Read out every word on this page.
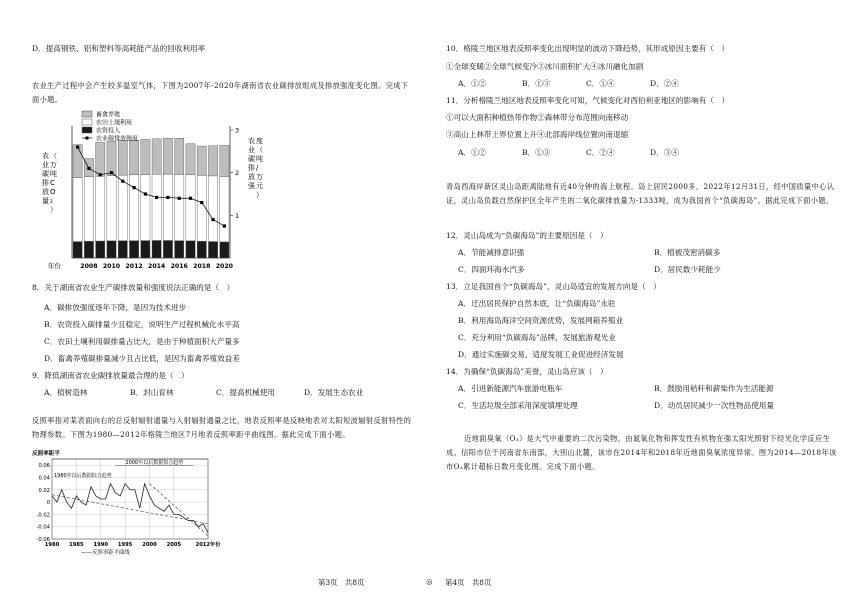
D．提高钢铁、铝和塑料等高耗能产品的回收利用率
农业生产过程中会产生较多温室气体，下图为2007年-2020年湖南省农业碳排放组成及排放强度变化图。完成下面小题。
畜禽养殖
农田土壤利用
农资投入
农业碳排放强度
1
2
3
年份	2008 2010 2012 2014 2016 2018 2020
农
业
碳
排
放
量
（
万
吨
C
O
₂
）
农
业
碳
排
放
强
度
（
吨
/
万
元
）
8．关于湖南省农业生产碳排放量和强度说法正确的是（　）
A．碳排放强度逐年下降，是因为技术进步
B．农资投入碳排量少且稳定，说明生产过程机械化水平高
C．农田土壤利用碳排量占比大，是由于种植面积大产量多
D．畜禽养殖碳排量减少且占比低，是因为畜禽养殖效益差
9．降低湖南省农业碳排放量最合理的是（　）
A．植树造林	B．封山育林	C．提高机械使用	D．发展生态农业
反照率指对某表面向右的总反射辐射通量与入射辐射通量之比，地表反照率是反映地表对太阳短波辐射反射特性的物理参数。下图为1980—2012年格陵兰地区7月地表反照率距平曲线图。据此完成下面小题。
0.06
0.04
0.02
0
-0.02
-0.04
-0.06
1980 1985 1990 1995 2000 2005	2012年份
反照率距平
2000年以后数据拟合趋势
1980年以后数据拟合趋势
——反照率距平曲线
10．格陵兰地区地表反照率变化出现明显的波动下降趋势，其形成原因主要有（　）
①全球变暖②全球气候变冷③冰川面积扩大④冰川融化加剧
A．①②	B．①③	C．①④	D．②④
11．分析格陵兰地区地表反照率变化可知，气候变化对西伯利亚地区的影响有（　）
①可以大面积种植热带作物②森林带分布范围向南移动
③高山上林带上界位置上升④北部海岸线位置向南退缩
A．①②	B．①③	C．②④	D．③④
青岛西海岸新区灵山岛距离陆地有近40分钟的海上航程。岛上居民2000多，2022年12月31日，经中国质量中心认证，灵山岛负载自然保护区全年产生的二氧化碳排放量为-1333吨，成为我国首个“负碳海岛”。据此完成下面小题。
12．灵山岛成为“负碳海岛”的主要原因是（　）
A．节能减排意识强	B．植被茂密消碳多
C．四面环海水汽多	D．居民数少耗能少
13．立足我国首个“负碳海岛”，灵山岛适宜的发展方向是（　）
A．迁出居民保护自然本底，让“负碳海岛”永驻
B．利用海岛海洋空间资源优势，发展网箱养殖业
C．充分利用“负碳海岛”品牌，发展旅游观光业
D．通过实施碳交易，适度发展工业促进经济发展
14．为确保“负碳海岛”美誉，灵山岛应该（　）
A．引进新能源汽车旅游电瓶车	B．鼓励用秸秆和薪柴作为生活能源
C．生活垃圾全部采用深度填埋处理	D．动员居民减少一次性物品使用量
近地面臭氧（O₃）是大气中重要的二次污染物，由氮氧化物和挥发性有机物在强太阳光照射下经光化学反应生成。信阳市位于河南省东南部，大别山北麓，该市在2014年和2018年近地面臭氧浓度异常。图为2014—2018年该市O₃累计超标日数月变化图。完成下面小题。
第3页　共8页	◎ 第4页　共8页
